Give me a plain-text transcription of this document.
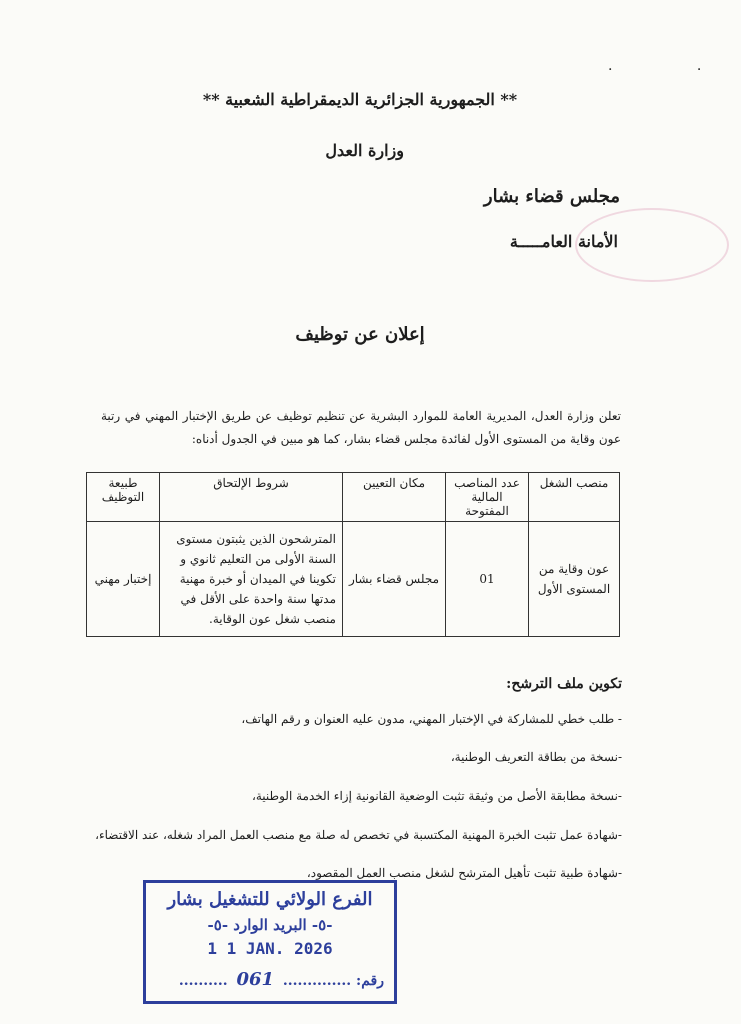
. .
** الجمهورية الجزائرية الديمقراطية الشعبية **
وزارة العدل
مجلس قضاء بشار
الأمانة العامـــــة
إعلان عن توظيف
تعلن وزارة العدل، المديرية العامة للموارد البشرية عن تنظيم توظيف عن طريق الإختبار المهني في رتبة عون وقاية من المستوى الأول لفائدة مجلس قضاء بشار، كما هو مبين في الجدول أدناه:
منصب الشغل	عدد المناصب المالية المفتوحة	مكان التعيين	شروط الإلتحاق	طبيعة التوظيف
عون وقاية من المستوى الأول	01	مجلس قضاء بشار	المترشحون الذين يثبتون مستوى السنة الأولى من التعليم ثانوي و تكوينا في الميدان أو خبرة مهنية مدتها سنة واحدة على الأقل في منصب شغل عون الوقاية.	إختبار مهني
تكوين ملف الترشح:
- طلب خطي للمشاركة في الإختبار المهني، مدون عليه العنوان و رقم الهاتف،
-نسخة من بطاقة التعريف الوطنية،
-نسخة مطابقة الأصل من وثيقة تثبت الوضعية القانونية إزاء الخدمة الوطنية،
-شهادة عمل تثبت الخبرة المهنية المكتسبة في تخصص له صلة مع منصب العمل المراد شغله، عند الاقتضاء،
-شهادة طبية تثبت تأهيل المترشح لشغل منصب العمل المقصود،
الفرع الولائي للتشغيل بشار
-٥- البريد الوارد -٥-
1 1 JAN. 2026
رقم: .............. 061 ..........
